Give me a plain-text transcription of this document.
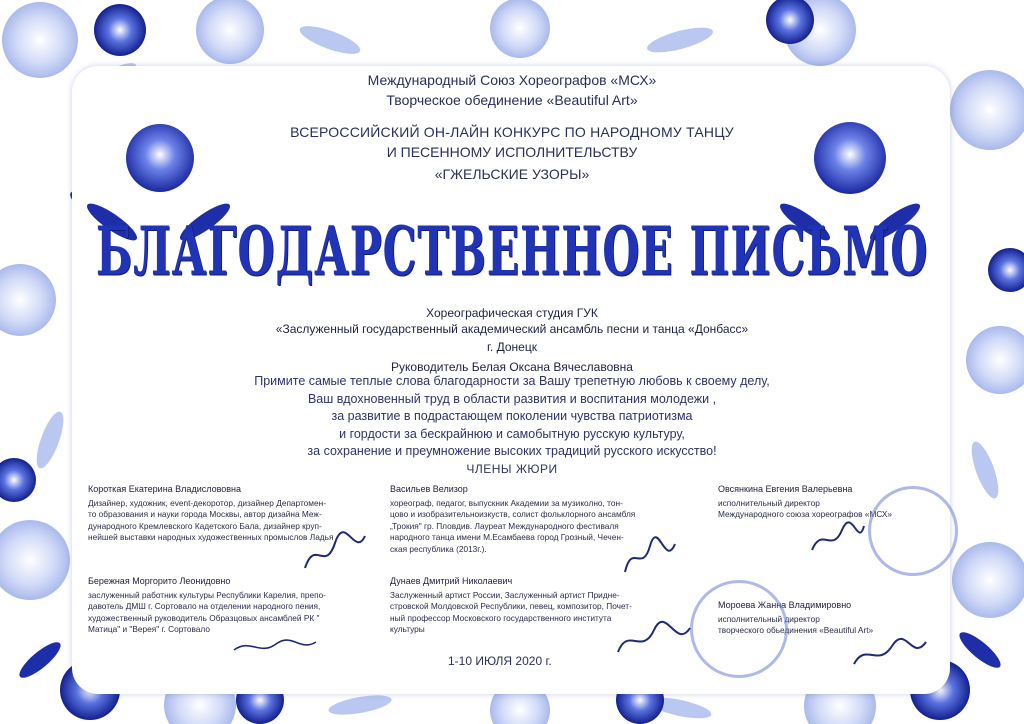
Международный Союз Хореографов «МСХ»
Творческое обединение «Beautiful Art»
ВСЕРОССИЙСКИЙ ОН-ЛАЙН КОНКУРС ПО НАРОДНОМУ ТАНЦУ
И ПЕСЕННОМУ ИСПОЛНИТЕЛЬСТВУ
«ГЖЕЛЬСКИЕ УЗОРЫ»
БЛАГОДАРСТВЕННОЕ ПИСЬМО
Хореографическая студия ГУК
«Заслуженный государственный академический ансамбль песни и танца «Донбасс»
г. Донецк
Руководитель Белая Оксана Вячеславовна
Примите самые теплые слова благодарности за Вашу трепетную любовь к своему делу,
Ваш вдохновенный труд в области развития и воспитания молодежи ,
за развитие в подрастающем поколении чувства патриотизма
и гордости за бескрайнюю и самобытную русскую культуру,
за сохранение и преумножение высоких традиций русского искусство!
ЧЛЕНЫ ЖЮРИ
Короткая Екатерина Владислововна
Дизайнер, художник, event-декоротор, дизайнер Департомен-
то образования и науки города Москвы, автор дизайна Меж-
дународного Кремлевского Кадетского Бала, дизайнер круп-
нейшей выставки народных художественных промыслов Ладья
Васильев Велизор
хореограф, педагог, выпускник Академии за музиколно, тон-
цово и изобразительноизкуств, солист фольклорного ансамбля
„Трокия" гр. Пловдив. Лауреат Международного фестиваля
народного танца имени М.Есамбаева город Грозный, Чечен-
ская республика (2013г.).
Овсянкина Евгения Валерьевна
исполнительный директор
Международного союза хореографов «МСХ»
Бережная Моргорито Леонидовно
заслуженный работник культуры Республики Карелия, препо-
давотель ДМШ г. Сортовало на отделении народного пения,
художественный руководитель Образцовых ансамблей РК "
Матица" и "Верея" г. Сортовало
Дунаев Дмитрий Николаевич
Заслуженный артист России, Заслуженный артист Придне-
стровской Молдовской Республики, певец, композитор, Почет-
ный профессор Московского государственного института
культуры
Мороева Жанна Владимировно
исполнительный директор
творческого обьединения «Beautiful Art»
1-10 ИЮЛЯ 2020 г.
